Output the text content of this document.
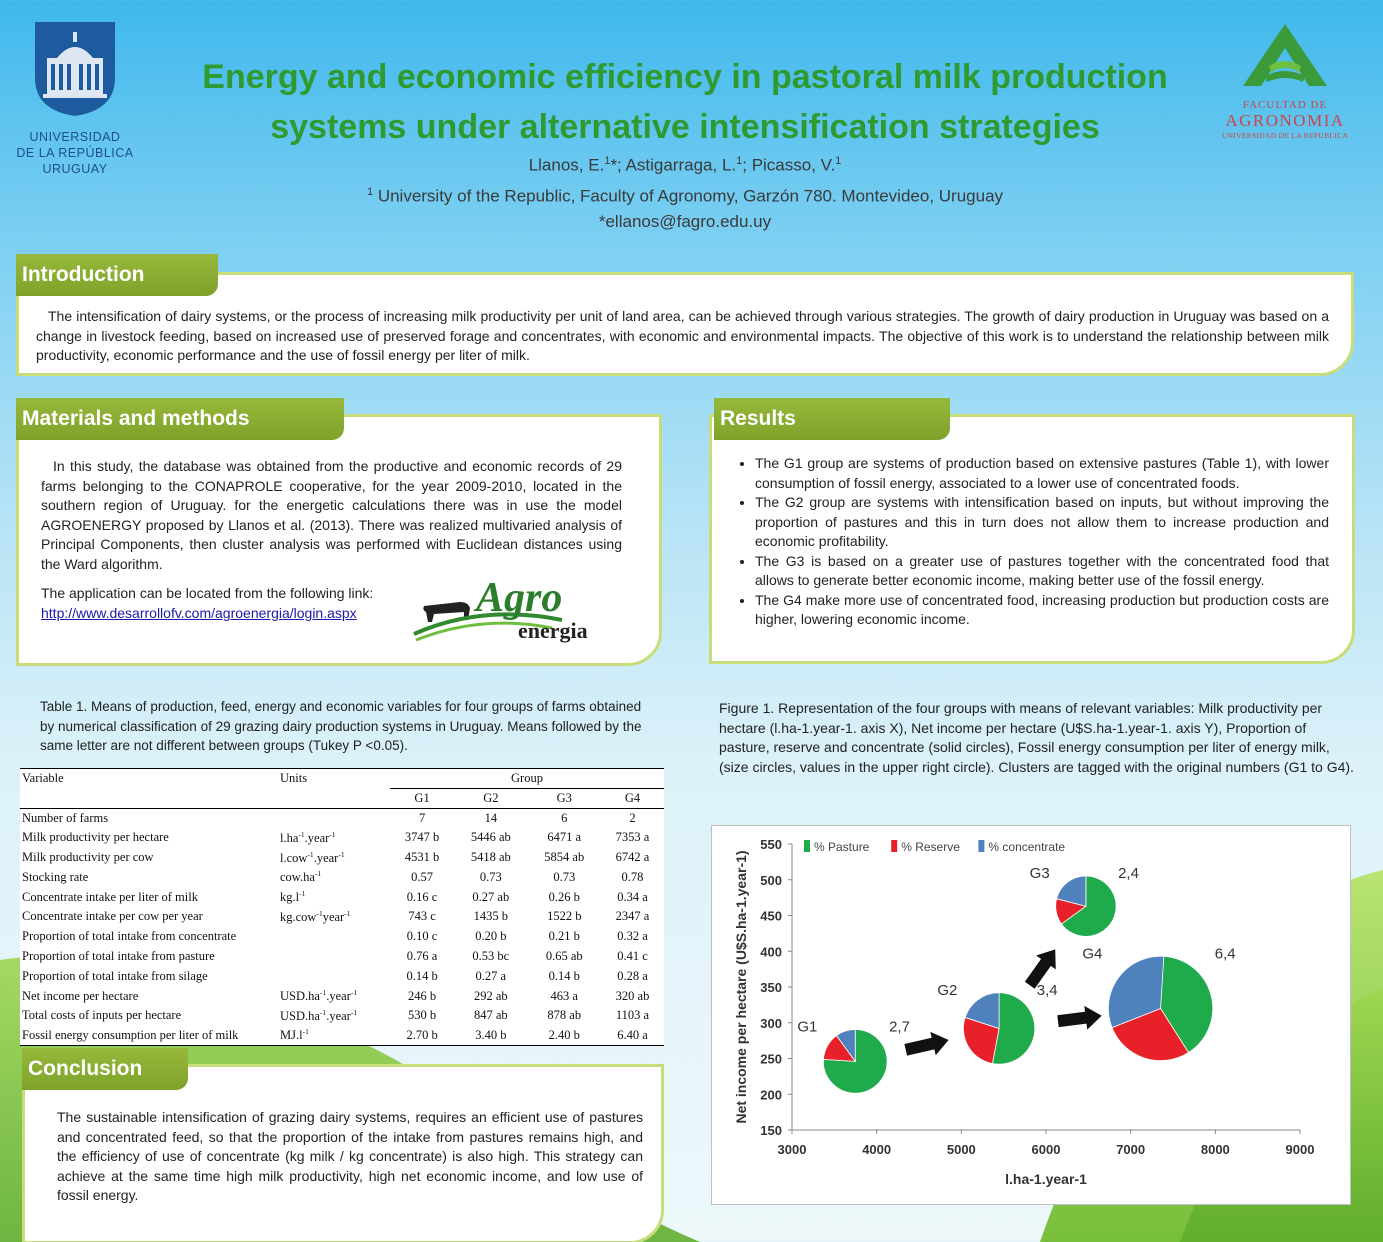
UNIVERSIDAD
DE LA REPÚBLICA
URUGUAY
Energy and economic efficiency in pastoral milk production
systems under alternative intensification strategies
Llanos, E.$^1$*; Astigarraga, L.$^1$; Picasso, V.$^1$
$^1$ University of the Republic, Faculty of Agronomy, Garzón 780. Montevideo, Uruguay
*ellanos@fagro.edu.uy
FACULTAD DE
AGRONOMIA
UNIVERSIDAD DE LA REPUBLICA
Introduction
The intensification of dairy systems, or the process of increasing milk productivity per unit of land area, can be achieved through various strategies. The growth of dairy production in Uruguay was based on a change in livestock feeding, based on increased use of preserved forage and concentrates, with economic and environmental impacts. The objective of this work is to understand the relationship between milk productivity, economic performance and the use of fossil energy per liter of milk.
Materials and methods
In this study, the database was obtained from the productive and economic records of 29 farms belonging to the CONAPROLE cooperative, for the year 2009-2010, located in the southern region of Uruguay. for the energetic calculations there was in use the model AGROENERGY proposed by Llanos et al. (2013). There was realized multivaried analysis of Principal Components, then cluster analysis was performed with Euclidean distances using the Ward algorithm.
The application can be located from the following link:
http://www.desarrollofv.com/agroenergia/login.aspx	Agro
energia
Results
• The G1 group are systems of production based on extensive pastures (Table 1), with lower consumption of fossil energy, associated to a lower use of concentrated foods.
• The G2 group are systems with intensification based on inputs, but without improving the proportion of pastures and this in turn does not allow them to increase production and economic profitability.
• The G3 is based on a greater use of pastures together with the concentrated food that allows to generate better economic income, making better use of the fossil energy.
• The G4 make more use of concentrated food, increasing production but production costs are higher, lowering economic income.
Table 1. Means of production, feed, energy and economic variables for four groups of farms obtained by numerical classification of 29 grazing dairy production systems in Uruguay. Means followed by the same letter are not different between groups (Tukey P <0.05).
Variable	Units	Group			
		G1	G2	G3	G4
Number of farms		7	14	6	2
Milk productivity per hectare	$l.ha^{-1}.year^{-1}$	3747 b	5446 ab	6471 a	7353 a
Milk productivity per cow	l.cow$^{-1}$.year$^{-1}$	4531 b	5418 ab	5854 ab	6742 a
Stocking rate	$cow.ha^{-1}$	0.57	0.73	0.73	0.78
Concentrate intake per liter of milk	$kg.l^{-1}$	0.16 c	0.27 ab	0.26 b	0.34 a
Concentrate intake per cow per year	kg.cow$^{-1}$year$^{-1}$	743 c	1435 b	1522 b	2347 a
Proportion of total intake from concentrate		0.10 c	0.20 b	0.21 b	0.32 a
Proportion of total intake from pasture		0.76 a	0.53 bc	0.65 ab	0.41 c
Proportion of total intake from silage		0.14 b	0.27 a	0.14 b	0.28 a
Net income per hectare	$USD.ha^{-1}.year^{-1}$	246 b	292 ab	463 a	320 ab
Total costs of inputs per hectare	$USD.ha^{-1}.year^{-1}$	530 b	847 ab	878 ab	1103 a
Fossil energy consumption per liter of milk	$MJ.l^{-1}$	2.70 b	3.40 b	2.40 b	6.40 a
Conclusion
The sustainable intensification of grazing dairy systems, requires an efficient use of pastures and concentrated feed, so that the proportion of the intake from pastures remains high, and the efficiency of use of concentrate (kg milk / kg concentrate) is also high. This strategy can achieve at the same time high milk productivity, high net economic income, and low use of fossil energy.
Figure 1. Representation of the four groups with means of relevant variables: Milk productivity per hectare (l.ha-1.year-1. axis X), Net income per hectare (U$S.ha-1.year-1. axis Y), Proportion of pasture, reserve and concentrate (solid circles), Fossil energy consumption per liter of energy milk, (size circles, values in the upper right circle). Clusters are tagged with the original numbers (G1 to G4).
150
200
250
300
350
400
450
500
550
3000	4000	5000	6000	7000	8000	9000
l.ha-1.year-1
Net income per hectare (U$S.ha-1.year-1)
% Pasture	% Reserve % concentrate
G1	2,7
G2	3,4
G3	2,4
G4	6,4
